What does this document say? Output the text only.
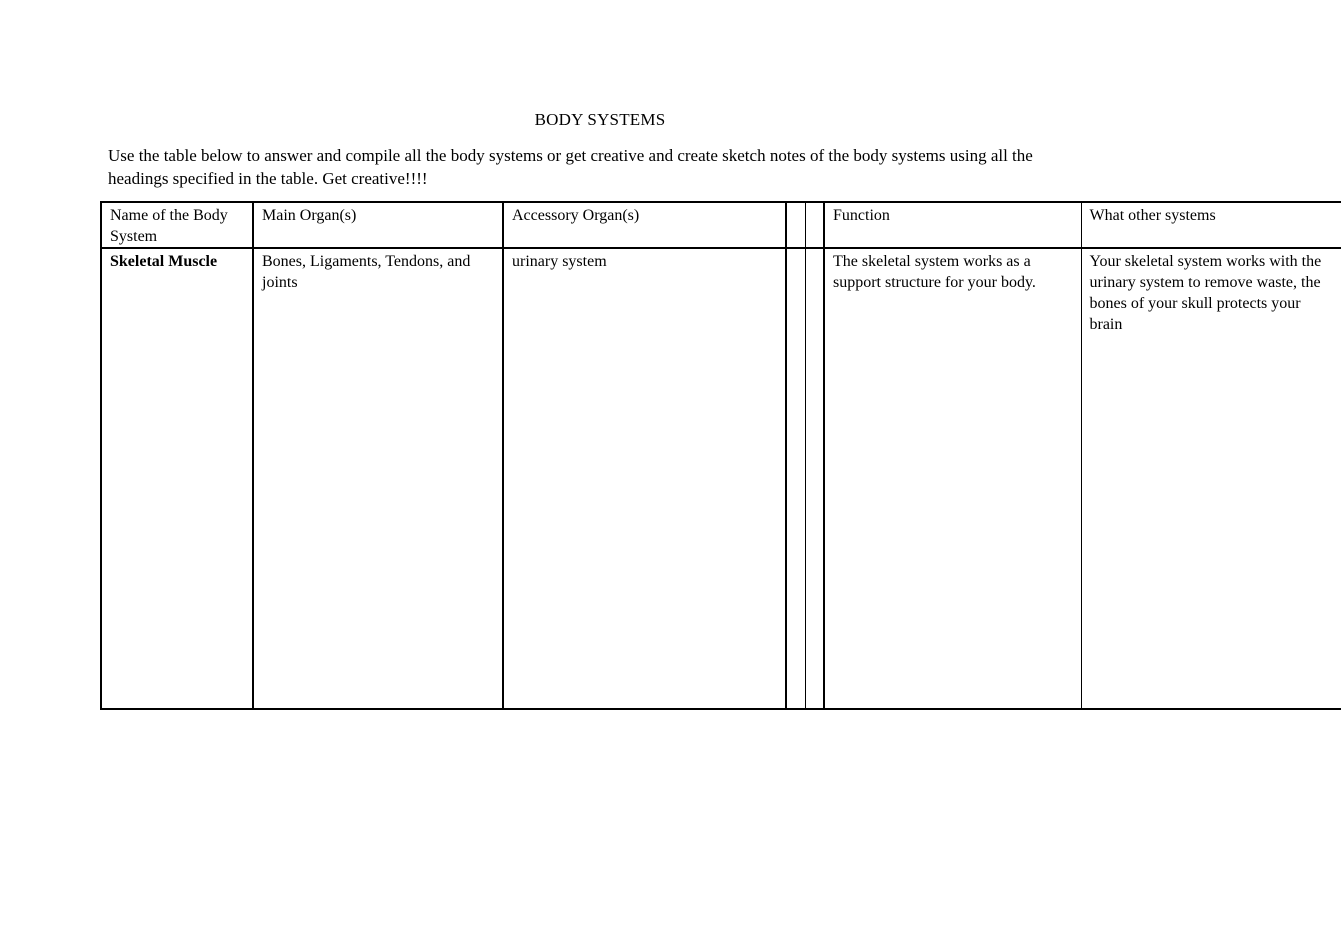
BODY SYSTEMS
Use the table below to answer and compile all the body systems or get creative and create sketch notes of the body systems using all the headings specified in the table. Get creative!!!!
Name of the Body System	Main Organ(s)	Accessory Organ(s)			Function	What other systems
Skeletal Muscle	Bones, Ligaments, Tendons, and joints	urinary system			The skeletal system works as a support structure for your body.	Your skeletal system works with the urinary system to remove waste, the bones of your skull protects your brain
